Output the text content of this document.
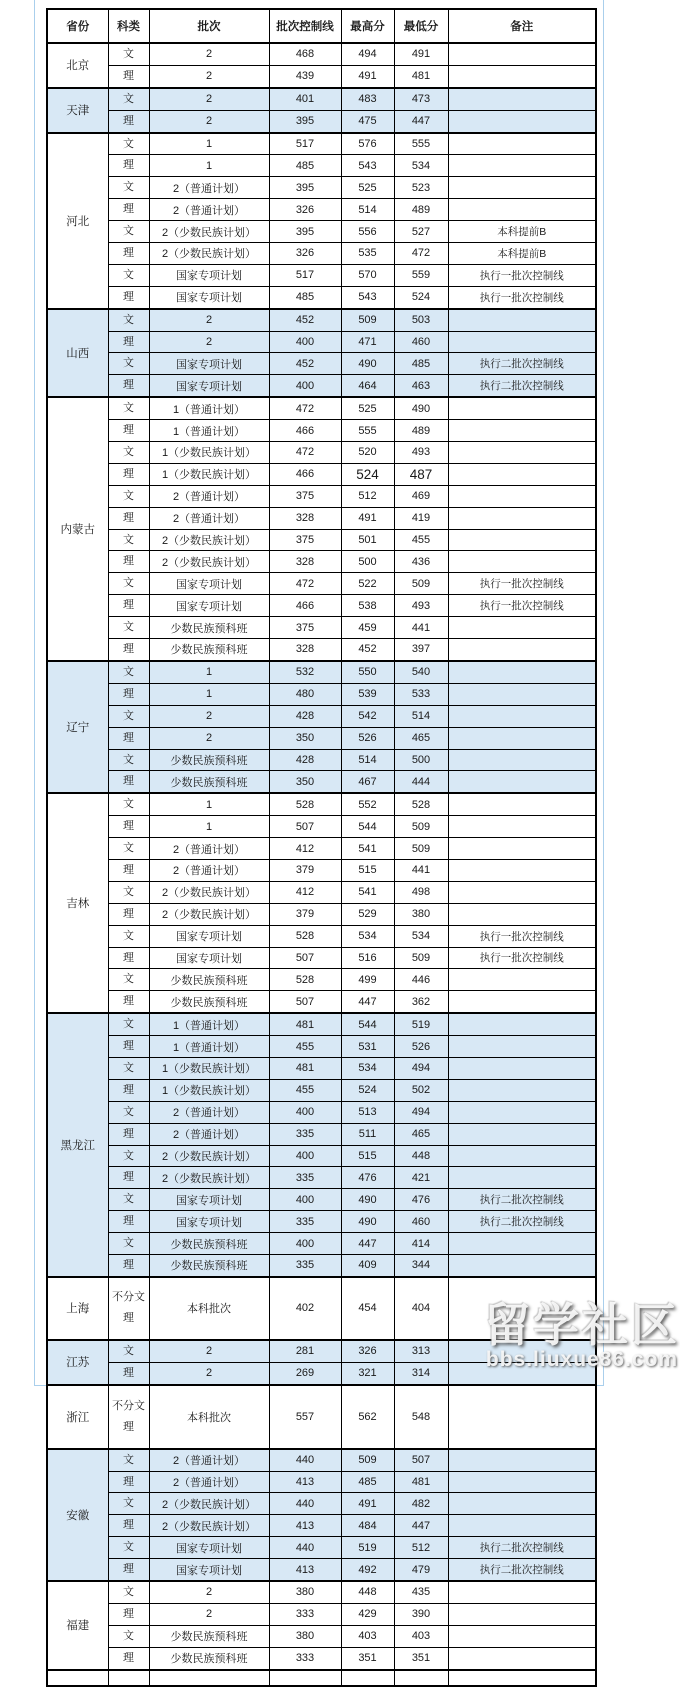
省份	科类	批次	批次控制线	最高分	最低分	备注
北京	文	2	468	494	491	
	理	2	439	491	481	
天津	文	2	401	483	473	
	理	2	395	475	447	
河北	文	1	517	576	555	
	理	1	485	543	534	
	文	2（普通计划）	395	525	523	
	理	2（普通计划）	326	514	489	
	文	2（少数民族计划）	395	556	527	本科提前B
	理	2（少数民族计划）	326	535	472	本科提前B
	文	国家专项计划	517	570	559	执行一批次控制线
	理	国家专项计划	485	543	524	执行一批次控制线
山西	文	2	452	509	503	
	理	2	400	471	460	
	文	国家专项计划	452	490	485	执行二批次控制线
	理	国家专项计划	400	464	463	执行二批次控制线
内蒙古	文	1（普通计划）	472	525	490	
	理	1（普通计划）	466	555	489	
	文	1（少数民族计划）	472	520	493	
	理	1（少数民族计划）	466	524	487	
	文	2（普通计划）	375	512	469	
	理	2（普通计划）	328	491	419	
	文	2（少数民族计划）	375	501	455	
	理	2（少数民族计划）	328	500	436	
	文	国家专项计划	472	522	509	执行一批次控制线
	理	国家专项计划	466	538	493	执行一批次控制线
	文	少数民族预科班	375	459	441	
	理	少数民族预科班	328	452	397	
辽宁	文	1	532	550	540	
	理	1	480	539	533	
	文	2	428	542	514	
	理	2	350	526	465	
	文	少数民族预科班	428	514	500	
	理	少数民族预科班	350	467	444	
吉林	文	1	528	552	528	
	理	1	507	544	509	
	文	2（普通计划）	412	541	509	
	理	2（普通计划）	379	515	441	
	文	2（少数民族计划）	412	541	498	
	理	2（少数民族计划）	379	529	380	
	文	国家专项计划	528	534	534	执行一批次控制线
	理	国家专项计划	507	516	509	执行一批次控制线
	文	少数民族预科班	528	499	446	
	理	少数民族预科班	507	447	362	
黑龙江	文	1（普通计划）	481	544	519	
	理	1（普通计划）	455	531	526	
	文	1（少数民族计划）	481	534	494	
	理	1（少数民族计划）	455	524	502	
	文	2（普通计划）	400	513	494	
	理	2（普通计划）	335	511	465	
	文	2（少数民族计划）	400	515	448	
	理	2（少数民族计划）	335	476	421	
	文	国家专项计划	400	490	476	执行二批次控制线
	理	国家专项计划	335	490	460	执行二批次控制线
	文	少数民族预科班	400	447	414	
	理	少数民族预科班	335	409	344	
上海	不分文理	本科批次	402	454	404	
江苏	文	2	281	326	313	
	理	2	269	321	314	
浙江	不分文理	本科批次	557	562	548	
安徽	文	2（普通计划）	440	509	507	
	理	2（普通计划）	413	485	481	
	文	2（少数民族计划）	440	491	482	
	理	2（少数民族计划）	413	484	447	
	文	国家专项计划	440	519	512	执行二批次控制线
	理	国家专项计划	413	492	479	执行二批次控制线
福建	文	2	380	448	435	
	理	2	333	429	390	
	文	少数民族预科班	380	403	403	
	理	少数民族预科班	333	351	351	

留学社区
bbs.liuxue86.com
